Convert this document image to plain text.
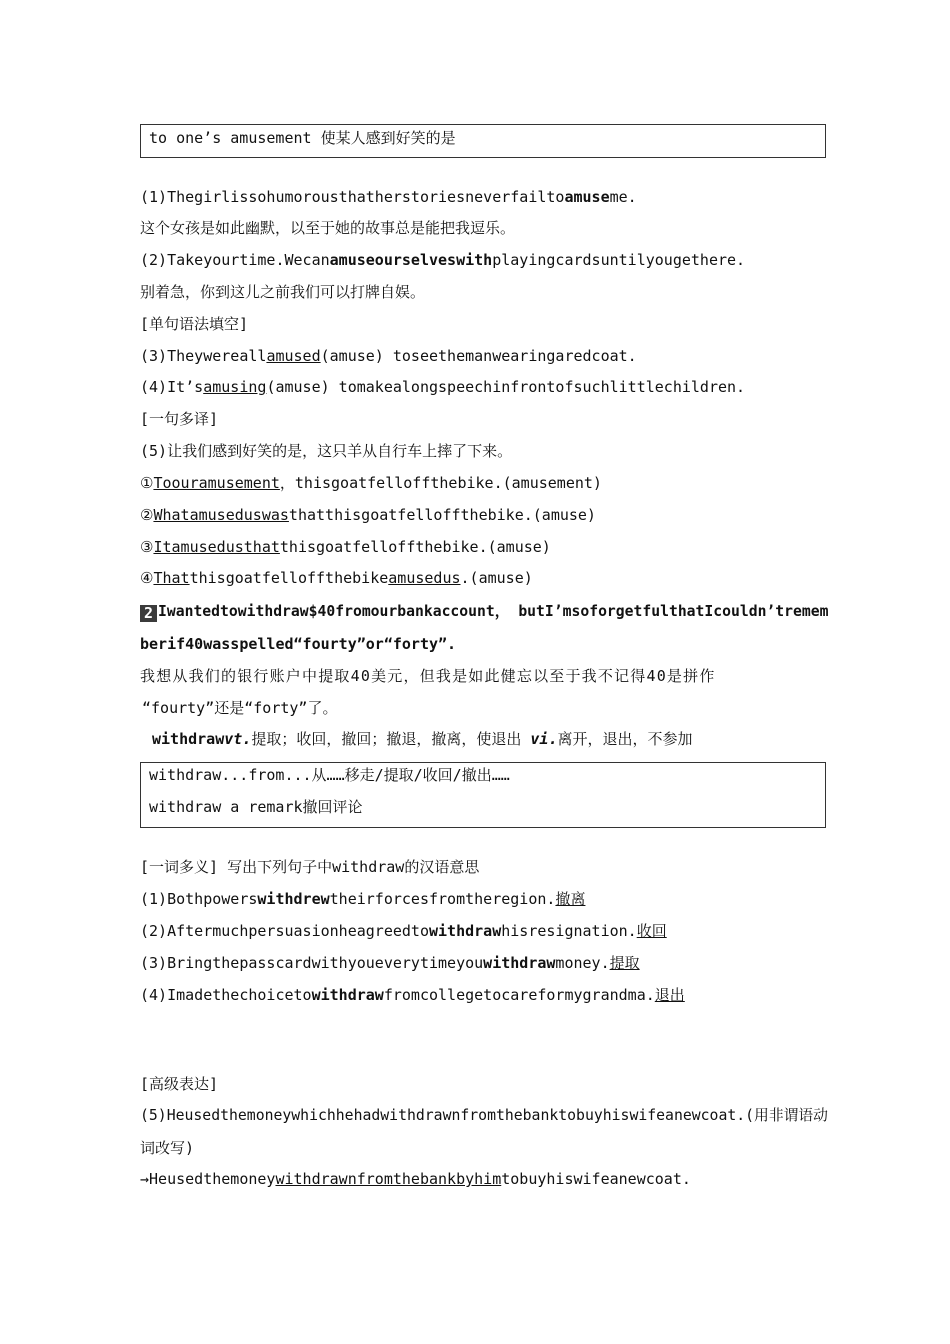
to one’s amusement 使某人感到好笑的是
(1)Thegirlissohumorousthatherstoriesneverfailtoamuseme.
这个女孩是如此幽默，以至于她的故事总是能把我逗乐。
(2)Takeyourtime.Wecanamuseourselveswithplayingcardsuntilyougethere.
别着急，你到这儿之前我们可以打牌自娱。
[单句语法填空]
(3)Theywereallamused(amuse) toseethemanwearingaredcoat.
(4)It’samusing(amuse) tomakealongspeechinfrontofsuchlittlechildren.
[一句多译]
(5)让我们感到好笑的是，这只羊从自行车上摔了下来。
①Toouramusement，thisgoatfelloffthebike.(amusement)
②Whatamuseduswasthatthisgoatfelloffthebike.(amuse)
③Itamusedusthatthisgoatfelloffthebike.(amuse)
④Thatthisgoatfelloffthebikeamusedus.(amuse)
2 Iwantedtowithdraw$40fromourbankaccount， butI’msoforgetfulthatIcouldn’tremem
berif40wasspelled“fourty”or“forty”.
我想从我们的银行账户中提取40美元，但我是如此健忘以至于我不记得40是拼作
“fourty”还是“forty”了。
withdrawvt.提取；收回，撤回；撤退，撤离，使退出 vi.离开，退出，不参加
withdraw...from...从……移走/提取/收回/撤出……
withdraw a remark撤回评论
[一词多义] 写出下列句子中withdraw的汉语意思
(1)Bothpowerswithdrewtheirforcesfromtheregion.撤离
(2)Aftermuchpersuasionheagreedtowithdrawhisresignation.收回
(3)Bringthepasscardwithyoueverytimeyouwithdrawmoney.提取
(4)Imadethechoicetowithdrawfromcollegetocareformygrandma.退出
[高级表达]
(5)Heusedthemoneywhichhehadwithdrawnfromthebanktobuyhiswifeanewcoat.(用非谓语动
词改写)
→Heusedthemoneywithdrawnfromthebankbyhimtobuyhiswifeanewcoat.
